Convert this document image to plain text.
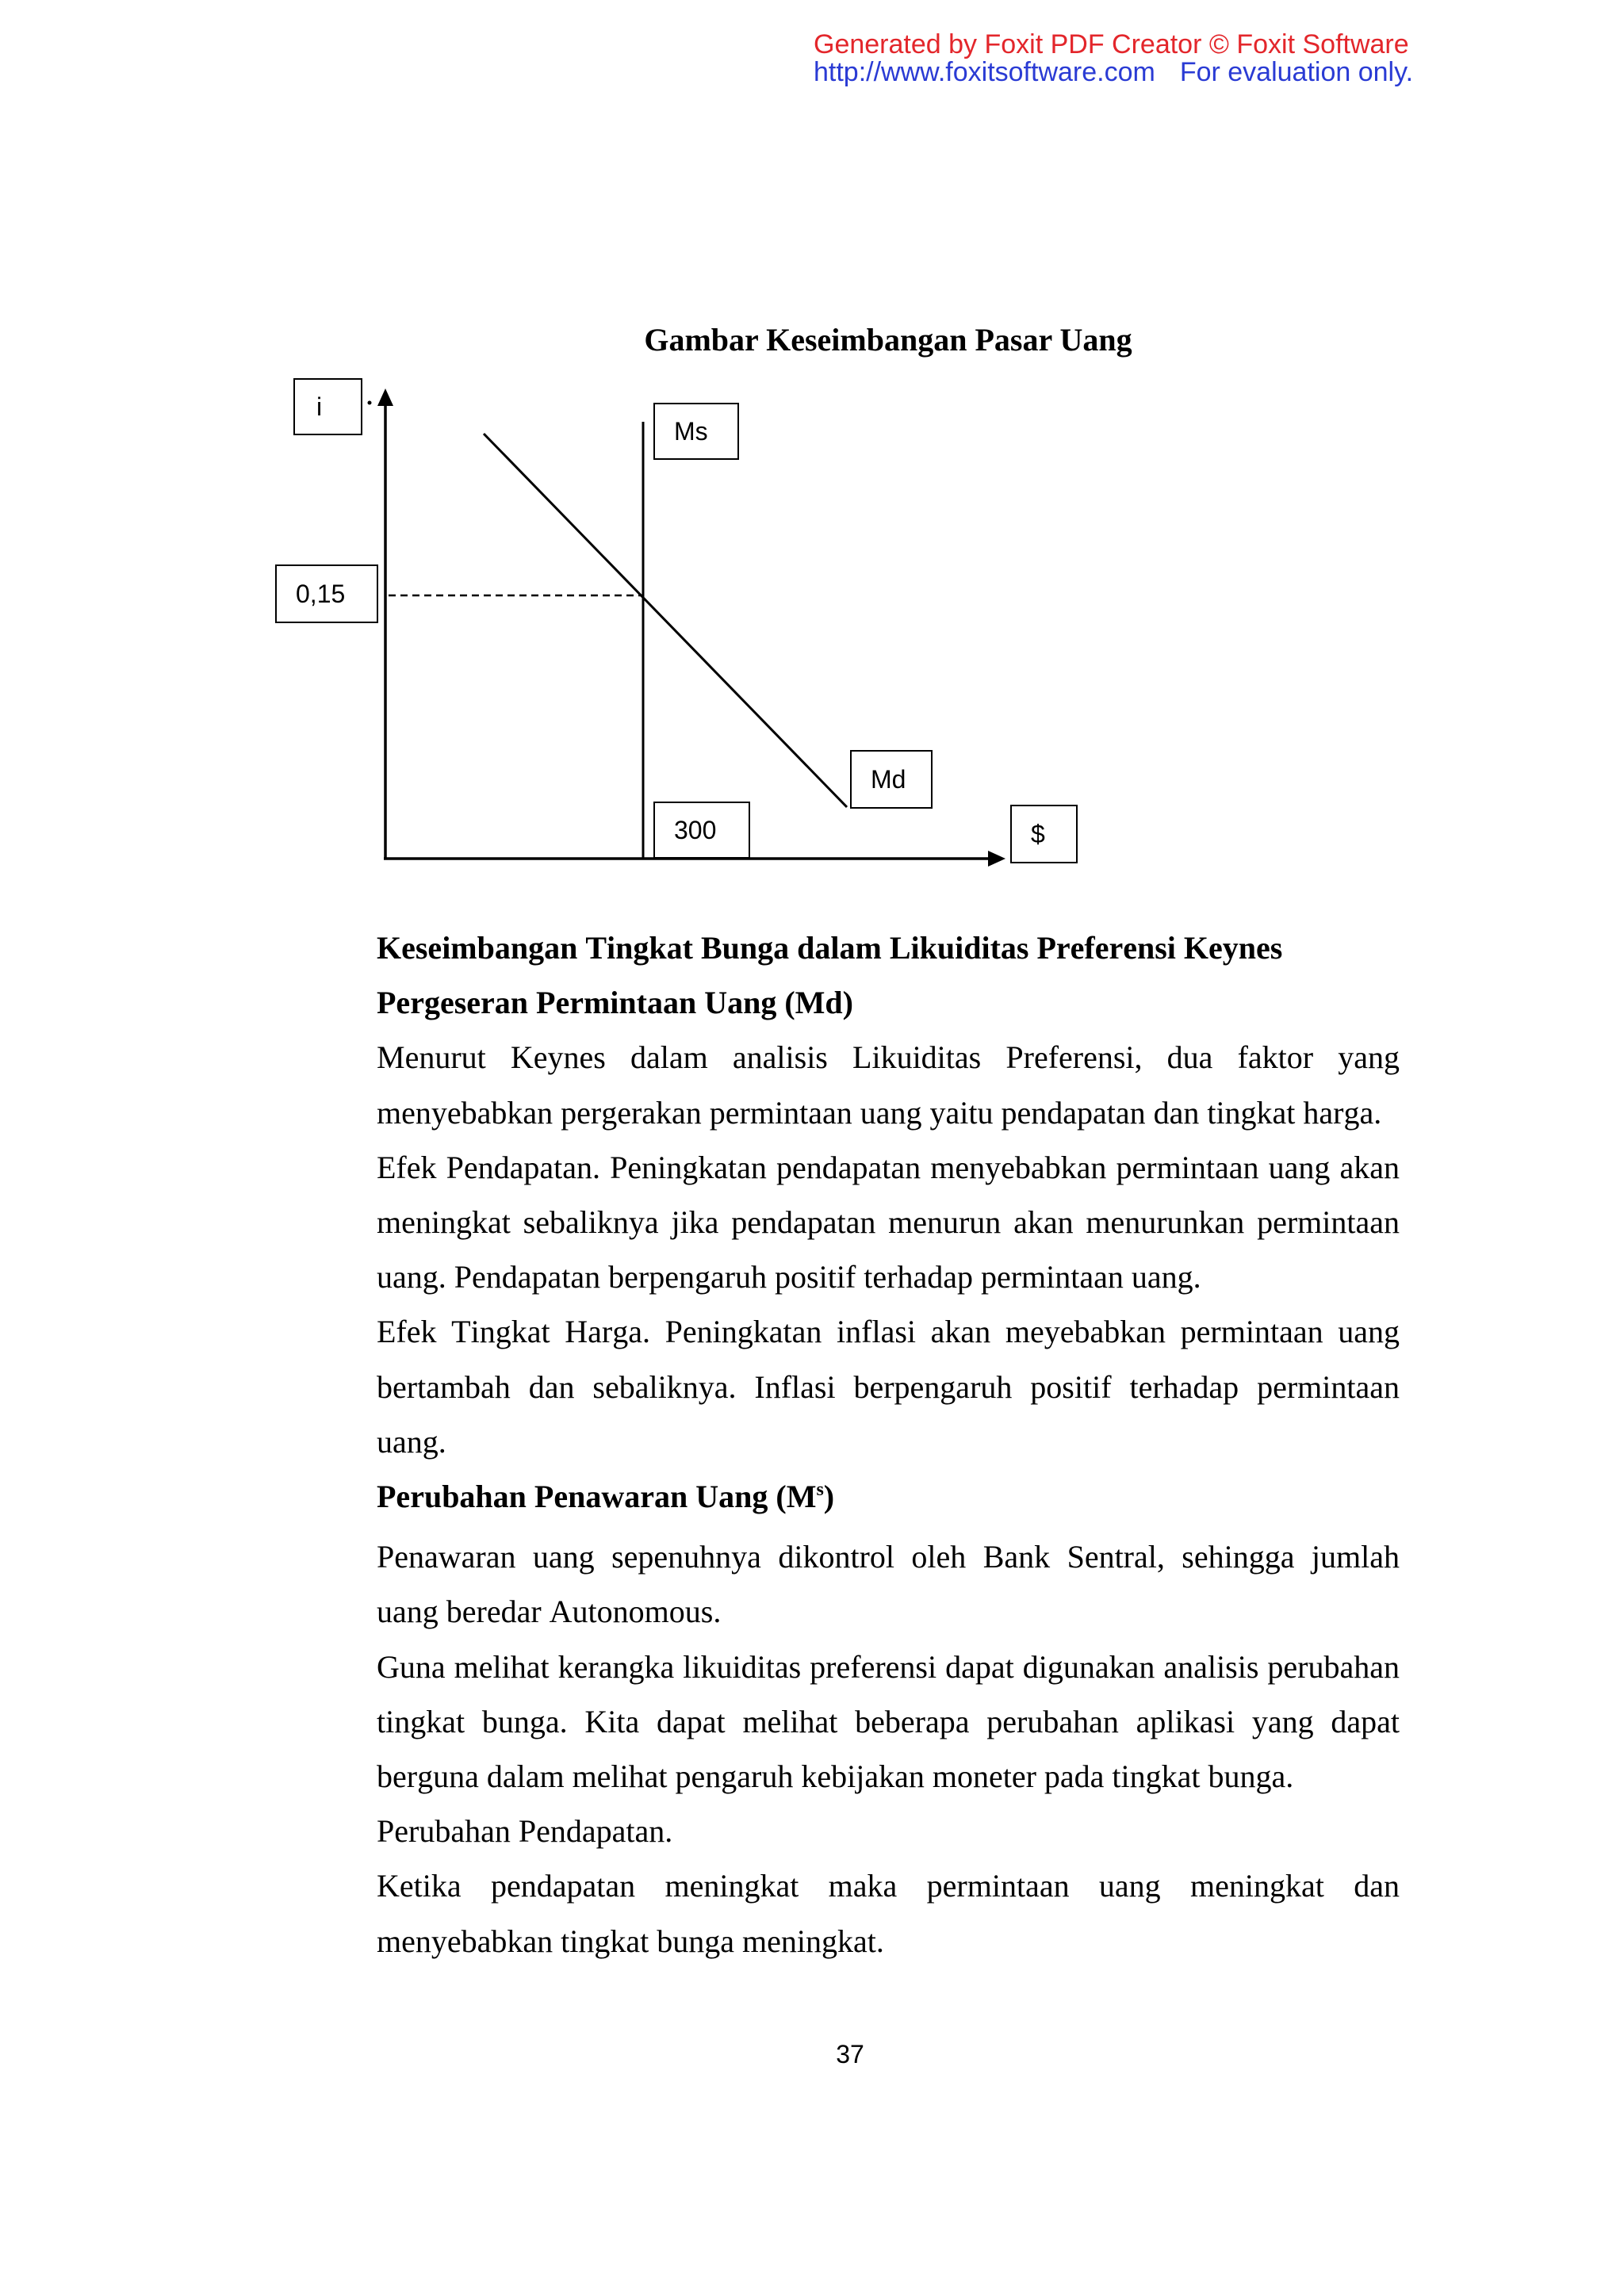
Generated by Foxit PDF Creator © Foxit Software
http://www.foxitsoftware.com For evaluation only.
Gambar Keseimbangan Pasar Uang
i
Ms
0,15
Md
300	$
Keseimbangan Tingkat Bunga dalam Likuiditas Preferensi Keynes
Pergeseran Permintaan Uang (Md)
Menurut Keynes dalam analisis Likuiditas Preferensi, dua faktor yang
menyebabkan pergerakan permintaan uang yaitu pendapatan dan tingkat harga.
Efek Pendapatan. Peningkatan pendapatan menyebabkan permintaan uang akan
meningkat sebaliknya jika pendapatan menurun akan menurunkan permintaan
uang. Pendapatan berpengaruh positif terhadap permintaan uang.
Efek Tingkat Harga. Peningkatan inflasi akan meyebabkan permintaan uang
bertambah dan sebaliknya. Inflasi berpengaruh positif terhadap permintaan
uang.
Perubahan Penawaran Uang $(M^s)$
Penawaran uang sepenuhnya dikontrol oleh Bank Sentral, sehingga jumlah
uang beredar Autonomous.
Guna melihat kerangka likuiditas preferensi dapat digunakan analisis perubahan
tingkat bunga. Kita dapat melihat beberapa perubahan aplikasi yang dapat
berguna dalam melihat pengaruh kebijakan moneter pada tingkat bunga.
Perubahan Pendapatan.
Ketika pendapatan meningkat maka permintaan uang meningkat dan
menyebabkan tingkat bunga meningkat.
37
